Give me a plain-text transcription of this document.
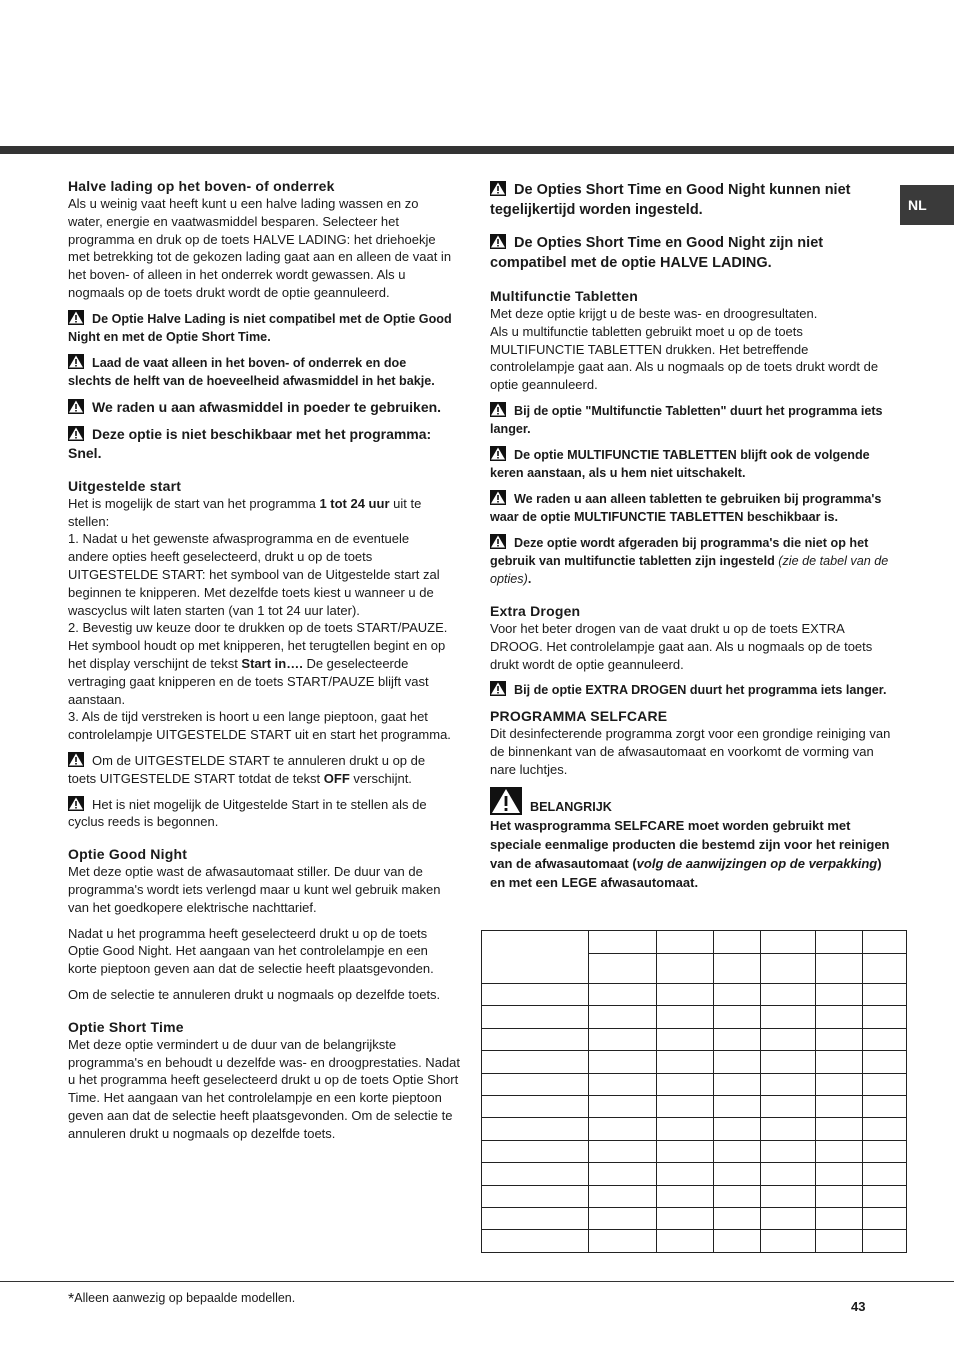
NL
Halve lading op het boven- of onderrek

Als u weinig vaat heeft kunt u een halve lading wassen en zo water, energie en vaatwasmiddel besparen. Selecteer het programma en druk op de toets HALVE LADING: het driehoekje met betrekking tot de gekozen lading gaat aan en alleen de vaat in het boven- of alleen in het onderrek wordt gewassen. Als u nogmaals op de toets drukt wordt de optie geannuleerd.

De Optie Halve Lading is niet compatibel met de Optie Good Night en met de Optie Short Time.

Laad de vaat alleen in het boven- of onderrek en doe slechts de helft van de hoeveelheid afwasmiddel in het bakje.

We raden u aan afwasmiddel in poeder te gebruiken.

Deze optie is niet beschikbaar met het programma: Snel.

Uitgestelde start

Het is mogelijk de start van het programma 1 tot 24 uur uit te stellen:

1. Nadat u het gewenste afwasprogramma en de eventuele andere opties heeft geselecteerd, drukt u op de toets UITGESTELDE START: het symbool van de Uitgestelde start zal beginnen te knipperen. Met dezelfde toets kiest u wanneer u de wascyclus wilt laten starten (van 1 tot 24 uur later).

2. Bevestig uw keuze door te drukken op de toets START/PAUZE. Het symbool houdt op met knipperen, het terugtellen begint en op het display verschijnt de tekst Start in…. De geselecteerde vertraging gaat knipperen en de toets START/PAUZE blijft vast aanstaan.

3. Als de tijd verstreken is hoort u een lange pieptoon, gaat het controlelampje UITGESTELDE START uit en start het programma.

Om de UITGESTELDE START te annuleren drukt u op de toets UITGESTELDE START totdat de tekst OFF verschijnt.

Het is niet mogelijk de Uitgestelde Start in te stellen als de cyclus reeds is begonnen.

Optie Good Night

Met deze optie wast de afwasautomaat stiller. De duur van de programma's wordt iets verlengd maar u kunt wel gebruik maken van het goedkopere elektrische nachttarief.

Nadat u het programma heeft geselecteerd drukt u op de toets Optie Good Night. Het aangaan van het controlelampje en een korte pieptoon geven aan dat de selectie heeft plaatsgevonden.

Om de selectie te annuleren drukt u nogmaals op dezelfde toets.

Optie Short Time

Met deze optie vermindert u de duur van de belangrijkste programma's en behoudt u dezelfde was- en droogprestaties. Nadat u het programma heeft geselecteerd drukt u op de toets Optie Short Time. Het aangaan van het controlelampje en een korte pieptoon geven aan dat de selectie heeft plaatsgevonden. Om de selectie te annuleren drukt u nogmaals op dezelfde toets.

De Opties Short Time en Good Night kunnen niet tegelijkertijd worden ingesteld.

De Opties Short Time en Good Night zijn niet compatibel met de optie HALVE LADING.

Multifunctie Tabletten

Met deze optie krijgt u de beste was- en droogresultaten.

Als u multifunctie tabletten gebruikt moet u op de toets MULTIFUNCTIE TABLETTEN drukken. Het betreffende controlelampje gaat aan. Als u nogmaals op de toets drukt wordt de optie geannuleerd.

Bij de optie "Multifunctie Tabletten" duurt het programma iets langer.

De optie MULTIFUNCTIE TABLETTEN blijft ook de volgende keren aanstaan, als u hem niet uitschakelt.

We raden u aan alleen tabletten te gebruiken bij programma's waar de optie MULTIFUNCTIE TABLETTEN beschikbaar is.

Deze optie wordt afgeraden bij programma's die niet op het gebruik van multifunctie tabletten zijn ingesteld (zie de tabel van de opties).

Extra Drogen

Voor het beter drogen van de vaat drukt u op de toets EXTRA DROOG. Het controlelampje gaat aan. Als u nogmaals op de toets drukt wordt de optie geannuleerd.

Bij de optie EXTRA DROGEN duurt het programma iets langer.

PROGRAMMA SELFCARE

Dit desinfecterende programma zorgt voor een grondige reiniging van de binnenkant van de afwasautomaat en voorkomt de vorming van nare luchtjes.

BELANGRIJK

Het wasprogramma SELFCARE moet worden gebruikt met speciale eenmalige producten die bestemd zijn voor het reinigen van de afwasautomaat (volg de aanwijzingen op de verpakking) en met een LEGE afwasautomaat.

*Alleen aanwezig op bepaalde modellen.
43
